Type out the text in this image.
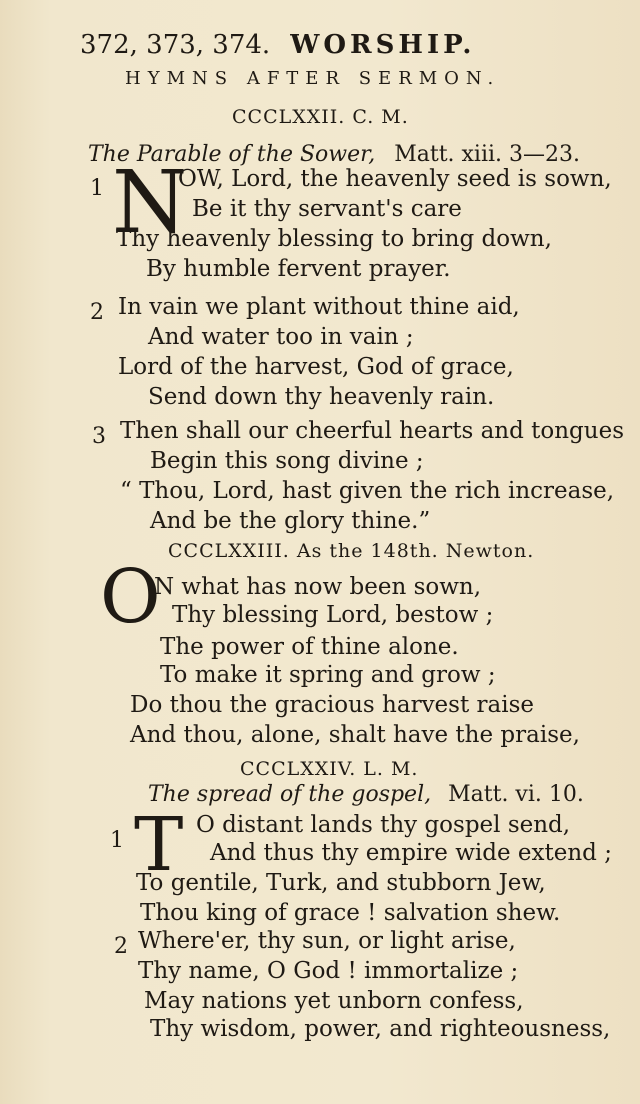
372, 373, 374. WORSHIP.
HYMNS AFTER SERMON.
CCCLXXII. C. M.
The Parable of the Sower, Matt. xiii. 3—23.
1 N
OW, Lord, the heavenly seed is sown,
Be it thy servant's care
Thy heavenly blessing to bring down,
By humble fervent prayer.
2 In vain we plant without thine aid,
And water too in vain ;
Lord of the harvest, God of grace,
Send down thy heavenly rain.
3 Then shall our cheerful hearts and tongues
Begin this song divine ;
“ Thou, Lord, hast given the rich increase,
And be the glory thine.”
CCCLXXIII. As the 148th. Newton.
O
N what has now been sown,
Thy blessing Lord, bestow ;
The power of thine alone.
To make it spring and grow ;
Do thou the gracious harvest raise
And thou, alone, shalt have the praise,
CCCLXXIV. L. M.
The spread of the gospel, Matt. vi. 10.
1 T O distant lands thy gospel send,
And thus thy empire wide extend ;
To gentile, Turk, and stubborn Jew,
Thou king of grace ! salvation shew.
2 Where'er, thy sun, or light arise,
Thy name, O God ! immortalize ;
May nations yet unborn confess,
Thy wisdom, power, and righteousness,
